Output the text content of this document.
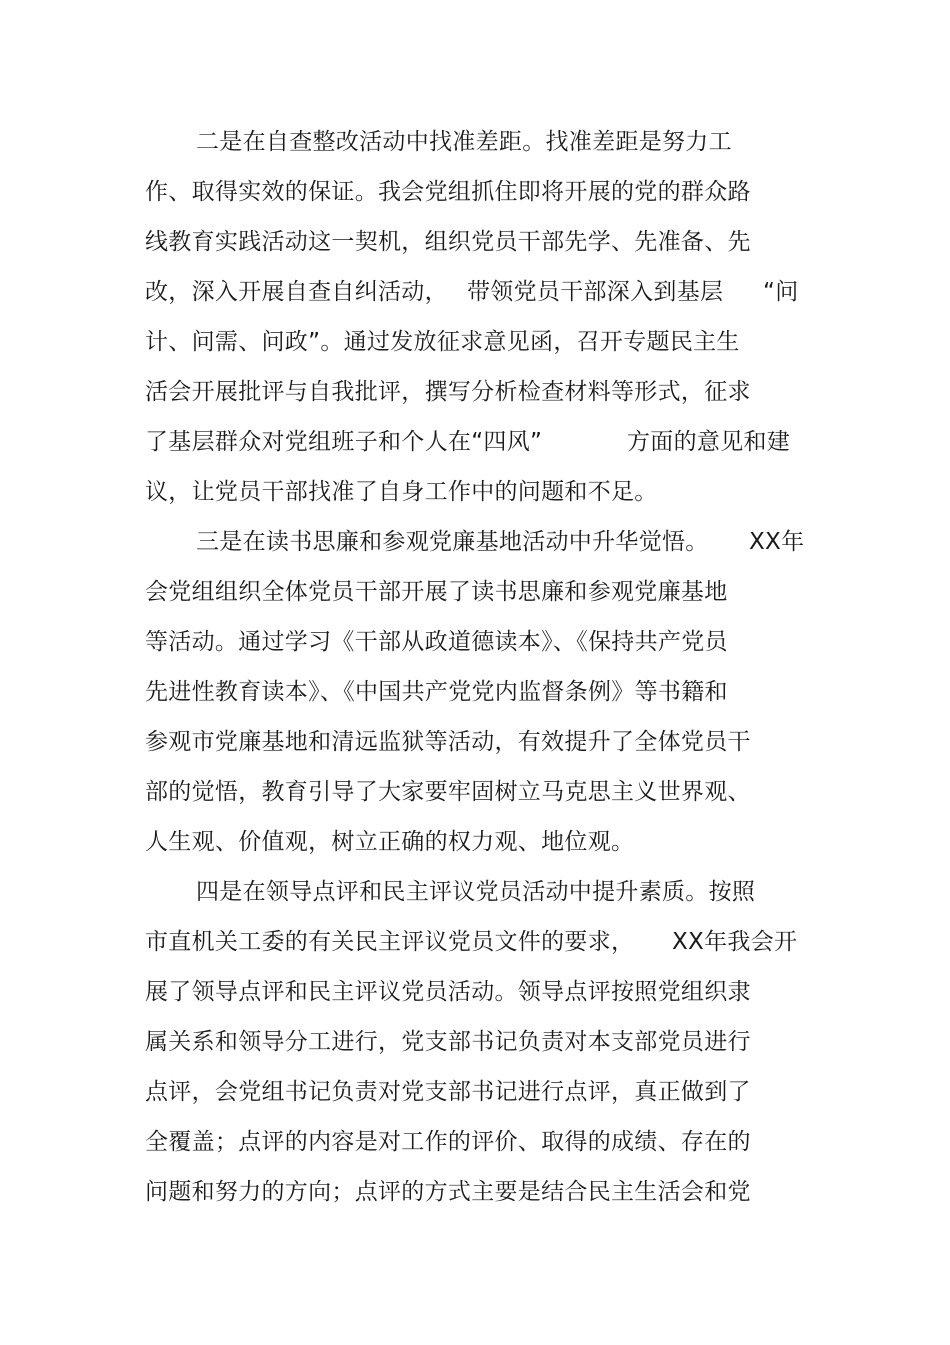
二是在自查整改活动中找准差距。找准差距是努力工
作、取得实效的保证。我会党组抓住即将开展的党的群众路
线教育实践活动这一契机，组织党员干部先学、先准备、先
改，深入开展自查自纠活动， 带领党员干部深入到基层 “问
计、问需、问政”。通过发放征求意见函，召开专题民主生
活会开展批评与自我批评，撰写分析检查材料等形式，征求
了基层群众对党组班子和个人在“四风”	方面的意见和建
议，让党员干部找准了自身工作中的问题和不足。
三是在读书思廉和参观党廉基地活动中升华觉悟。 XX年
会党组组织全体党员干部开展了读书思廉和参观党廉基地
等活动。通过学习《干部从政道德读本》、《保持共产党员
先进性教育读本》、《中国共产党党内监督条例》等书籍和
参观市党廉基地和清远监狱等活动，有效提升了全体党员干
部的觉悟，教育引导了大家要牢固树立马克思主义世界观、
人生观、价值观，树立正确的权力观、地位观。
四是在领导点评和民主评议党员活动中提升素质。按照
市直机关工委的有关民主评议党员文件的要求， XX年我会开
展了领导点评和民主评议党员活动。领导点评按照党组织隶
属关系和领导分工进行，党支部书记负责对本支部党员进行
点评，会党组书记负责对党支部书记进行点评，真正做到了
全覆盖；点评的内容是对工作的评价、取得的成绩、存在的
问题和努力的方向；点评的方式主要是结合民主生活会和党
